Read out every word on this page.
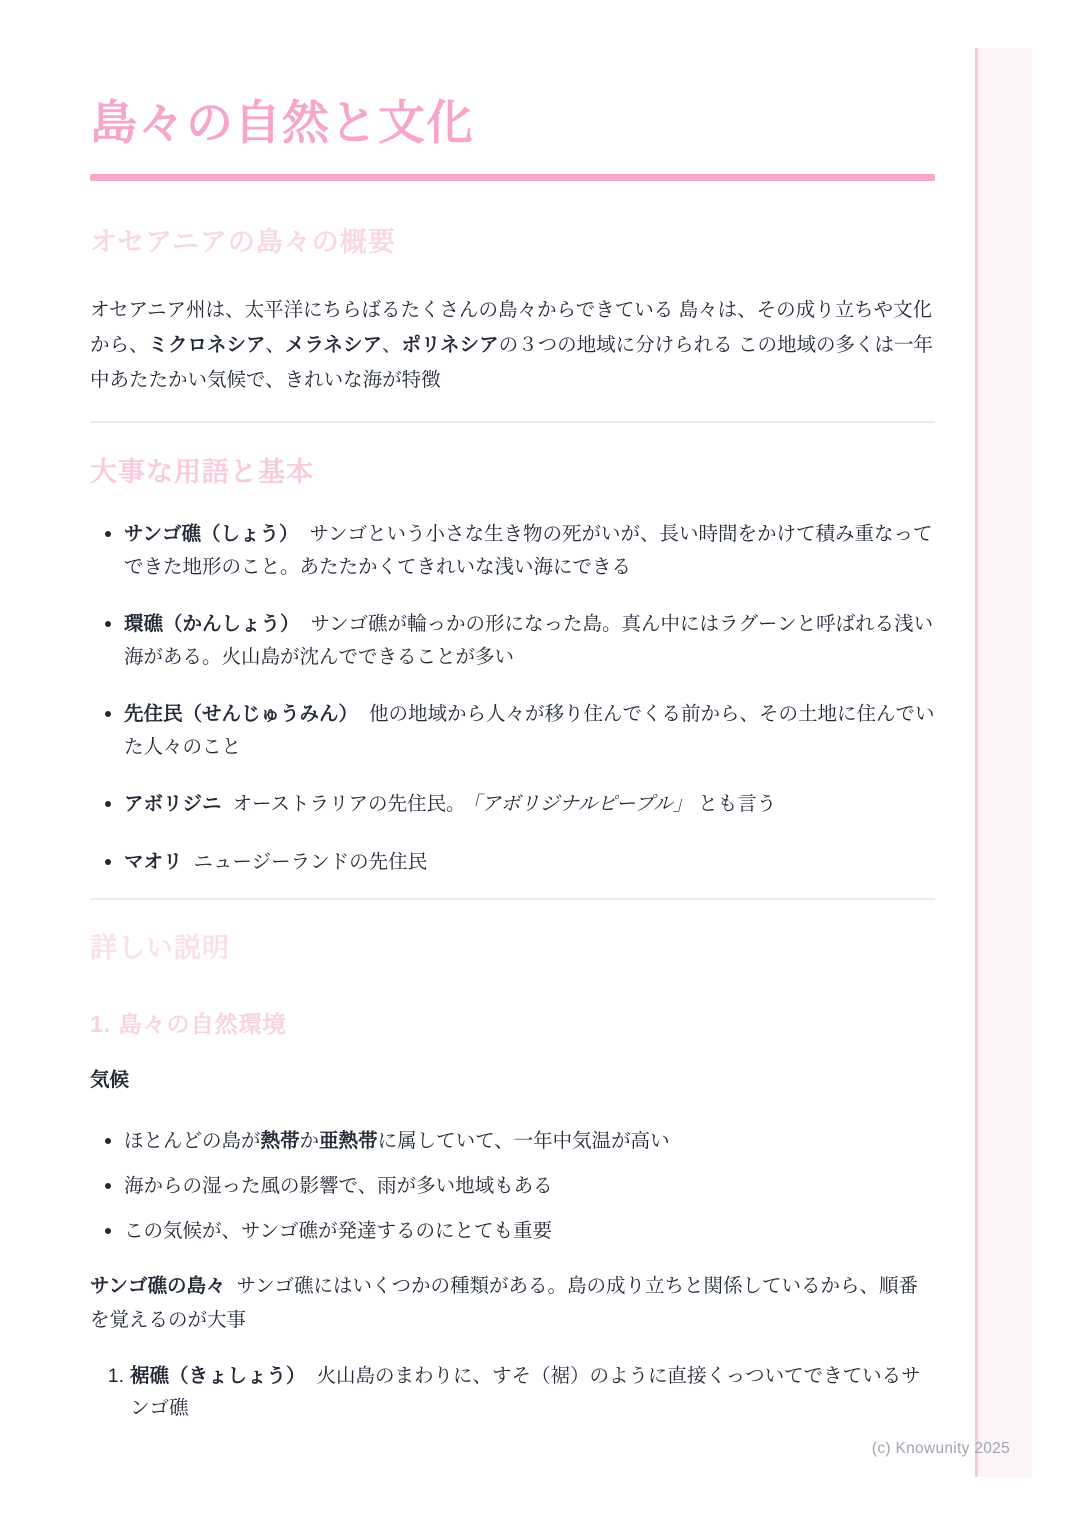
島々の自然と文化
オセアニアの島々の概要

オセアニア州は、太平洋にちらばるたくさんの島々からできている 島々は、その成り立ちや文化から、ミクロネシア、メラネシア、ポリネシアの３つの地域に分けられる この地域の多くは一年中あたたかい気候で、きれいな海が特徴

大事な用語と基本
サンゴ礁（しょう） サンゴという小さな生き物の死がいが、長い時間をかけて積み重なってできた地形のこと。あたたかくてきれいな浅い海にできる
環礁（かんしょう） サンゴ礁が輪っかの形になった島。真ん中にはラグーンと呼ばれる浅い海がある。火山島が沈んでできることが多い
先住民（せんじゅうみん） 他の地域から人々が移り住んでくる前から、その土地に住んでいた人々のこと
アボリジニ オーストラリアの先住民。 「アボリジナルピープル」 とも言う
マオリ ニュージーランドの先住民
詳しい説明
1. 島々の自然環境
気候
ほとんどの島が熱帯か亜熱帯に属していて、一年中気温が高い
海からの湿った風の影響で、雨が多い地域もある
この気候が、サンゴ礁が発達するのにとても重要

サンゴ礁の島々 サンゴ礁にはいくつかの種類がある。島の成り立ちと関係しているから、順番を覚えるのが大事

1. 裾礁（きょしょう） 火山島のまわりに、すそ（裾）のように直接くっついてできているサンゴ礁
(c) Knowunity 2025
